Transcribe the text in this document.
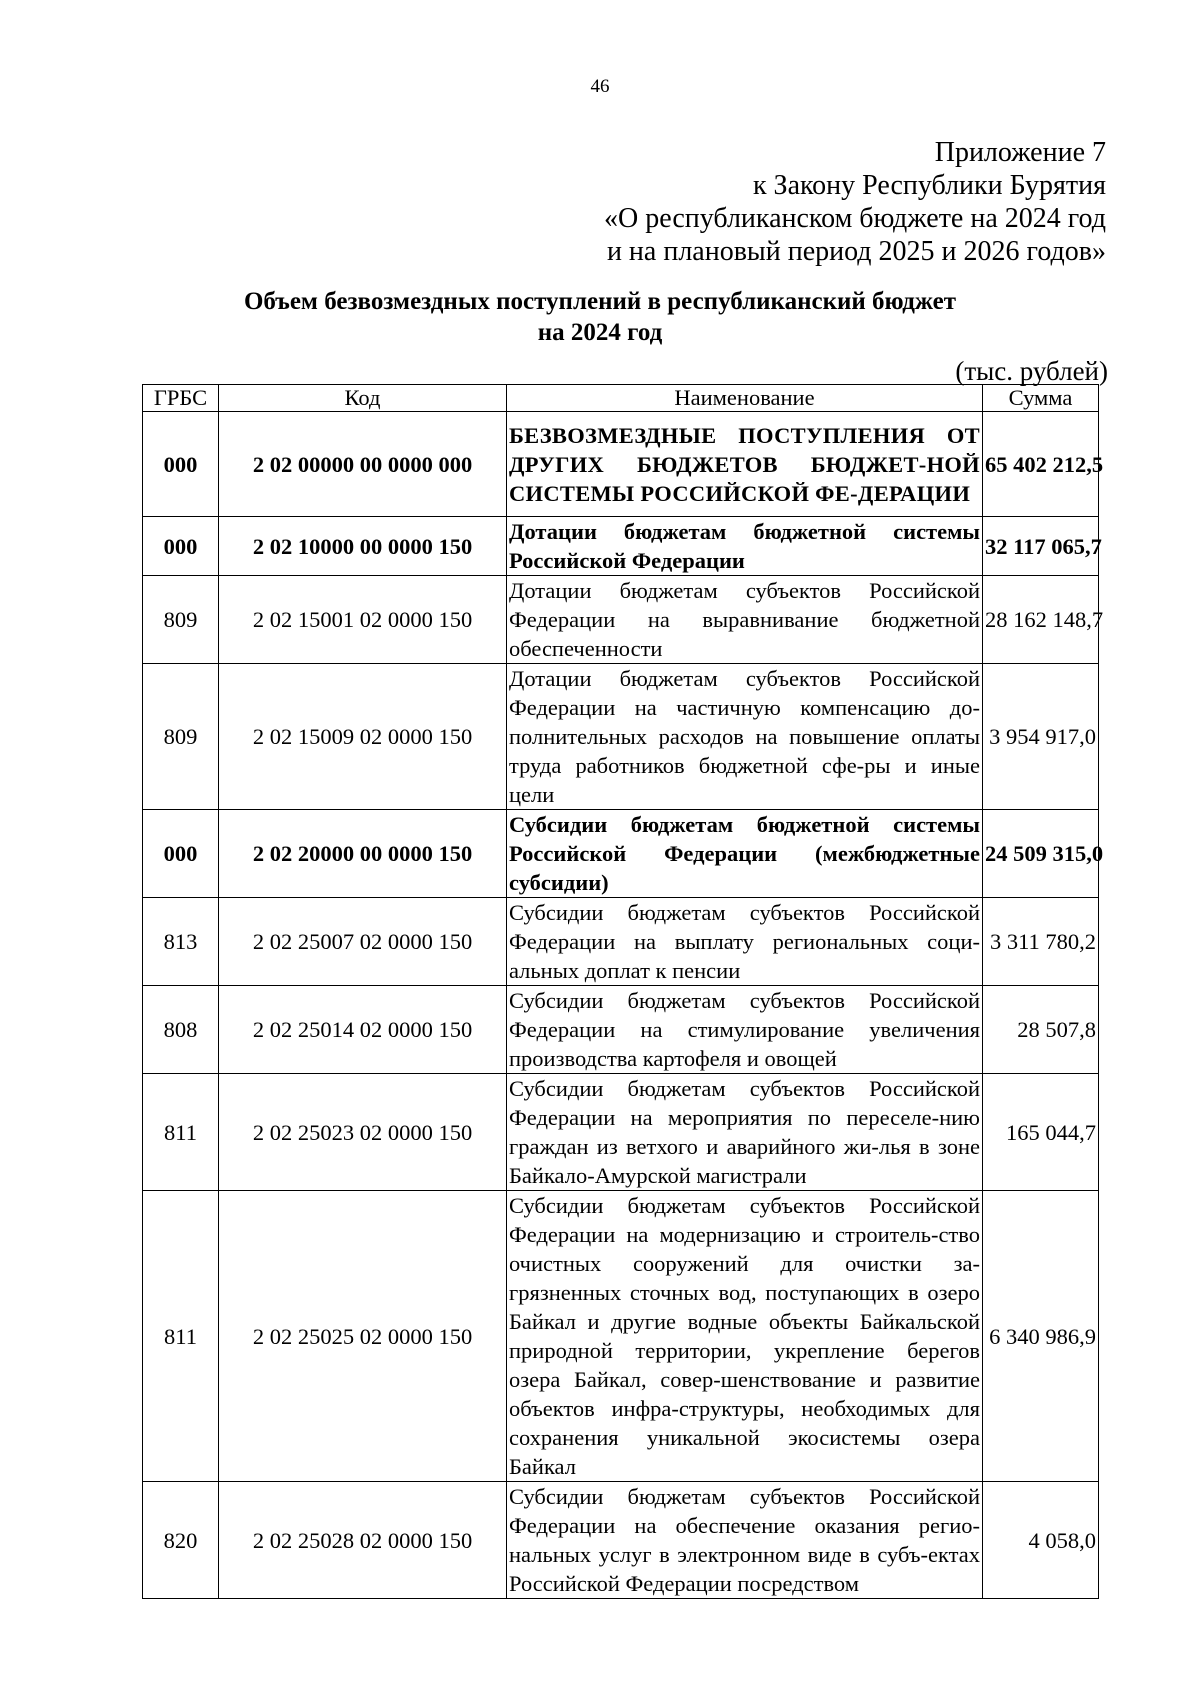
46
Приложение 7
к Закону Республики Бурятия
«О республиканском бюджете на 2024 год
и на плановый период 2025 и 2026 годов»
Объем безвозмездных поступлений в республиканский бюджет
на 2024 год
(тыс. рублей)
ГРБС	Код	Наименование	Сумма
000	2 02 00000 00 0000 000	БЕЗВОЗМЕЗДНЫЕ ПОСТУПЛЕНИЯ ОТ ДРУГИХ БЮДЖЕТОВ БЮДЖЕТ-НОЙ СИСТЕМЫ РОССИЙСКОЙ ФЕ-ДЕРАЦИИ	65 402 212,5
000	2 02 10000 00 0000 150	Дотации бюджетам бюджетной системы Российской Федерации	32 117 065,7
809	2 02 15001 02 0000 150	Дотации бюджетам субъектов Российской Федерации на выравнивание бюджетной обеспеченности	28 162 148,7
809	2 02 15009 02 0000 150	Дотации бюджетам субъектов Российской Федерации на частичную компенсацию до-полнительных расходов на повышение оплаты труда работников бюджетной сфе-ры и иные цели	3 954 917,0
000	2 02 20000 00 0000 150	Субсидии бюджетам бюджетной системы Российской Федерации (межбюджетные субсидии)	24 509 315,0
813	2 02 25007 02 0000 150	Субсидии бюджетам субъектов Российской Федерации на выплату региональных соци-альных доплат к пенсии	3 311 780,2
808	2 02 25014 02 0000 150	Субсидии бюджетам субъектов Российской Федерации на стимулирование увеличения производства картофеля и овощей	28 507,8
811	2 02 25023 02 0000 150	Субсидии бюджетам субъектов Российской Федерации на мероприятия по переселе-нию граждан из ветхого и аварийного жи-лья в зоне Байкало-Амурской магистрали	165 044,7
811	2 02 25025 02 0000 150	Субсидии бюджетам субъектов Российской Федерации на модернизацию и строитель-ство очистных сооружений для очистки за-грязненных сточных вод, поступающих в озеро Байкал и другие водные объекты Байкальской природной территории, укрепление берегов озера Байкал, совер-шенствование и развитие объектов инфра-структуры, необходимых для сохранения уникальной экосистемы озера Байкал	6 340 986,9
820	2 02 25028 02 0000 150	Субсидии бюджетам субъектов Российской Федерации на обеспечение оказания регио-нальных услуг в электронном виде в субъ-ектах Российской Федерации посредством	4 058,0
